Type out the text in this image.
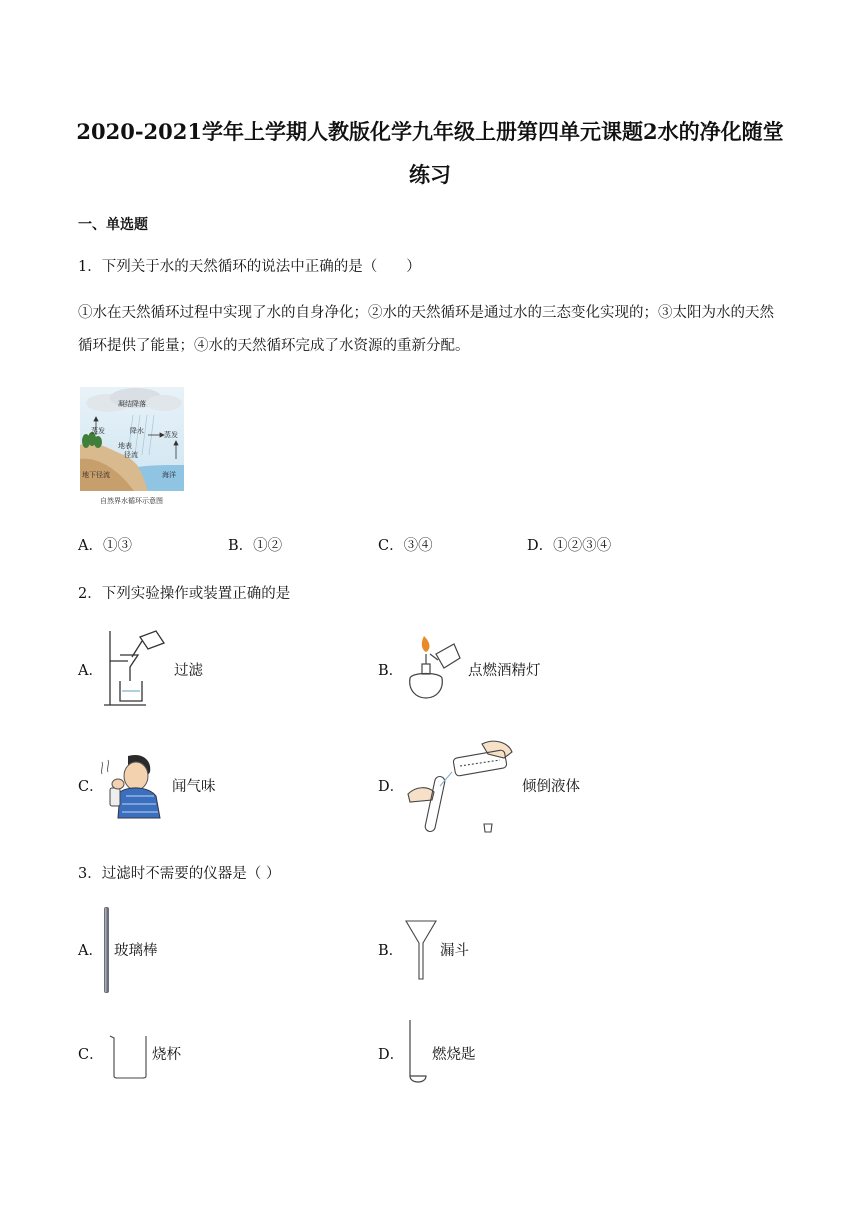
2020-2021学年上学期人教版化学九年级上册第四单元课题2水的净化随堂
练习
一、单选题
1．下列关于水的天然循环的说法中正确的是（　　）
①水在天然循环过程中实现了水的自身净化；②水的天然循环是通过水的三态变化实现的；③太阳为水的天然循环提供了能量；④水的天然循环完成了水资源的重新分配。
凝结降落
蒸发	降水	蒸发
地表
径流
地下径流	海洋
自然界水循环示意图
A．①③	B．①②	C．③④	D．①②③④
2．下列实验操作或装置正确的是
A．	过滤	B．	点燃酒精灯
C．	闻气味	D．	倾倒液体
3．过滤时不需要的仪器是（ ）
A． 玻璃棒	B．	漏斗
C．	烧杯	D． 燃烧匙
